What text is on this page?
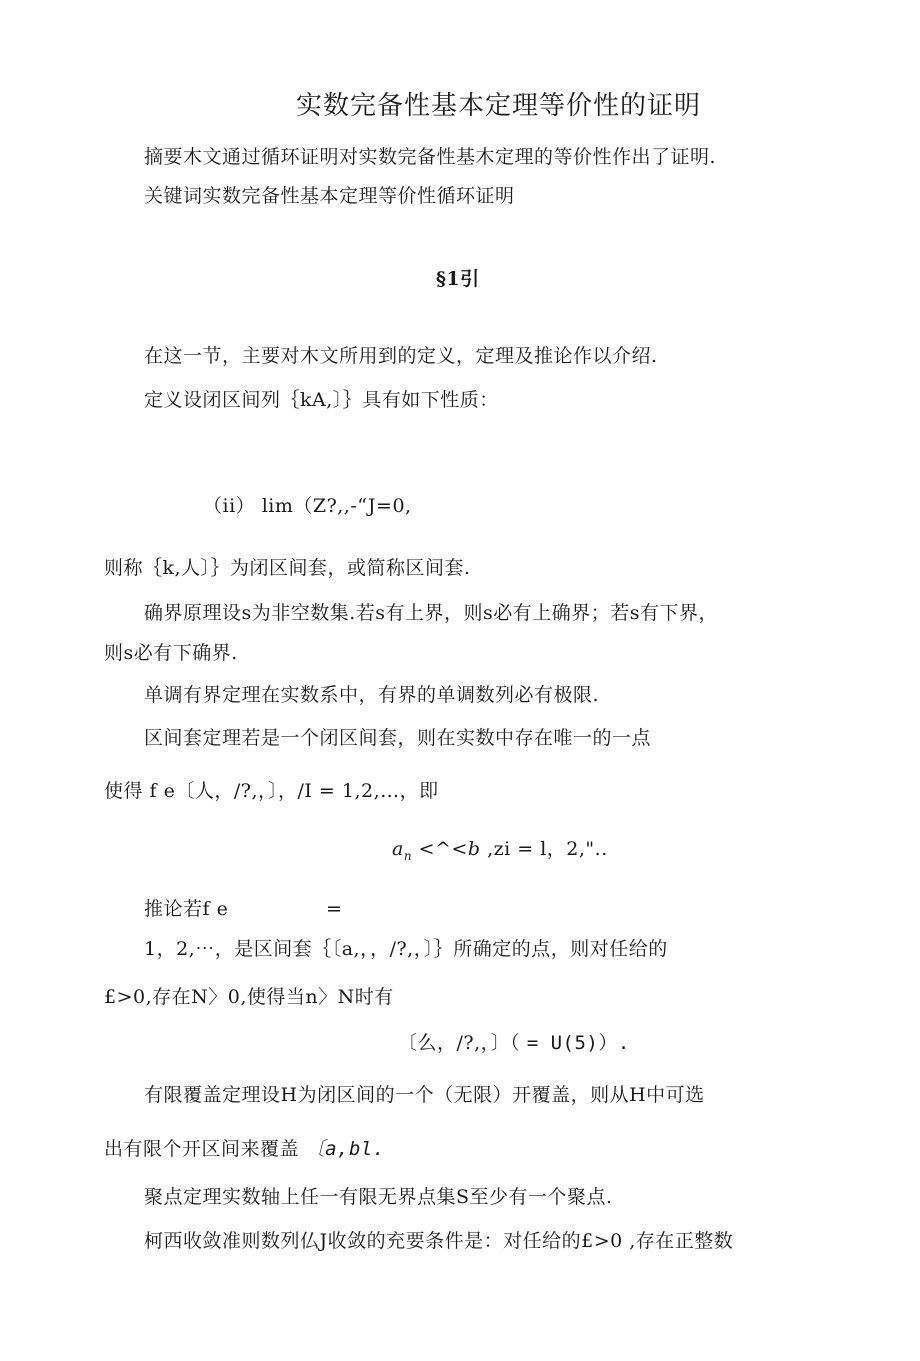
实数完备性基本定理等价性的证明
摘要木文通过循环证明对实数完备性基木定理的等价性作出了证明.
关键词实数完备性基本定理等价性循环证明
§1引
在这一节，主要对木文所用到的定义，定理及推论作以介绍.
定义设闭区间列｛kA,〕｝具有如下性质：
（ii） lim（Z?,,-“J=0,
则称｛k,人〕｝为闭区间套，或简称区间套.
确界原理设s为非空数集.若s有上界，则s必有上确界；若s有下界，
则s必有下确界.
单调有界定理在实数系中，有界的单调数列必有极限.
区间套定理若是一个闭区间套，则在实数中存在唯一的一点
使得 f e〔人，/?,，〕，/I = 1,2,…，即
$a_n$ <^<b ,zi = l，2,"..
推论若f e	=
1，2,⋯，是区间套｛〔a,，，/?,，〕｝所确定的点，则对任给的
£>0,存在N〉0,使得当n〉N时有
〔么，/?,，〕（ = U(5)）.
有限覆盖定理设H为闭区间的一个（无限）开覆盖，则从H中可选
出有限个开区间来覆盖 〔a,bl.
聚点定理实数轴上任一有限无界点集S至少有一个聚点.
柯西收敛准则数列仏J收敛的充要条件是：对任给的£>0 ,存在正整数
